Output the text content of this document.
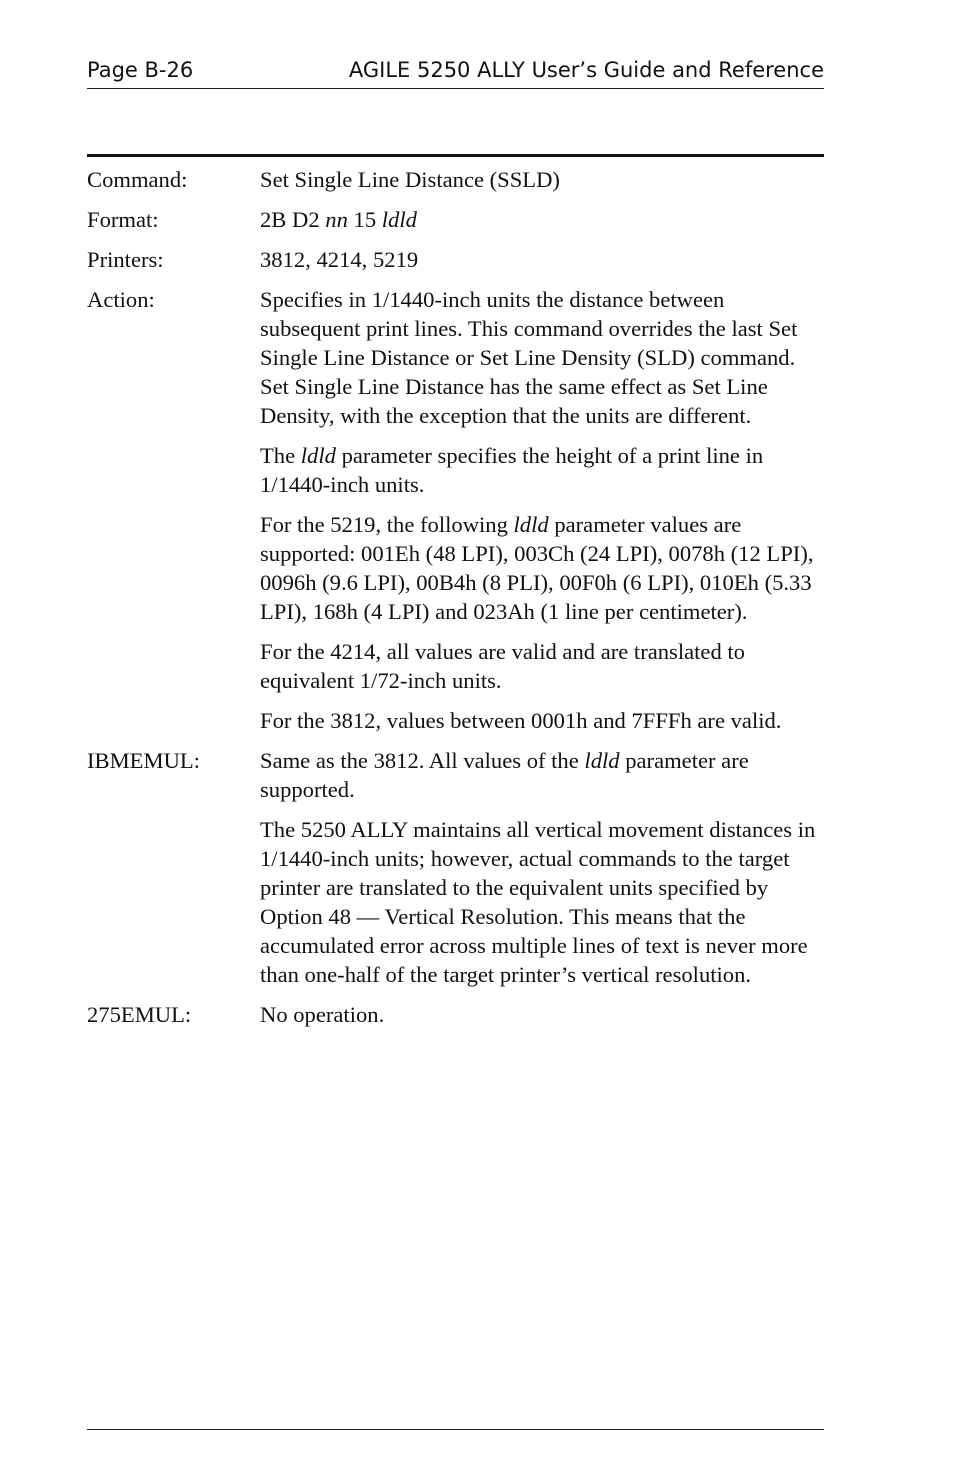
Page B-26	AGILE 5250 ALLY User’s Guide and Reference
Command:	Set Single Line Distance (SSLD)

Format:	2B D2 nn 15 ldld

Printers:	3812, 4214, 5219

Action:	Specifies in 1/1440-inch units the distance between subsequent print lines. This command overrides the last Set Single Line Distance or Set Line Density (SLD) command. Set Single Line Distance has the same effect as Set Line Density, with the exception that the units are different.

The ldld parameter specifies the height of a print line in 1/1440-inch units.

For the 5219, the following ldld parameter values are supported: 001Eh (48 LPI), 003Ch (24 LPI), 0078h (12 LPI), 0096h (9.6 LPI), 00B4h (8 PLI), 00F0h (6 LPI), 010Eh (5.33 LPI), 168h (4 LPI) and 023Ah (1 line per centimeter).

For the 4214, all values are valid and are translated to equivalent 1/72-inch units.

For the 3812, values between 0001h and 7FFFh are valid.

IBMEMUL:	Same as the 3812. All values of the ldld parameter are supported.

The 5250 ALLY maintains all vertical movement distances in 1/1440-inch units; however, actual commands to the target printer are translated to the equivalent units specified by Option 48 — Vertical Resolution. This means that the accumulated error across multiple lines of text is never more than one-half of the target printer’s vertical resolution.

275EMUL:	No operation.
